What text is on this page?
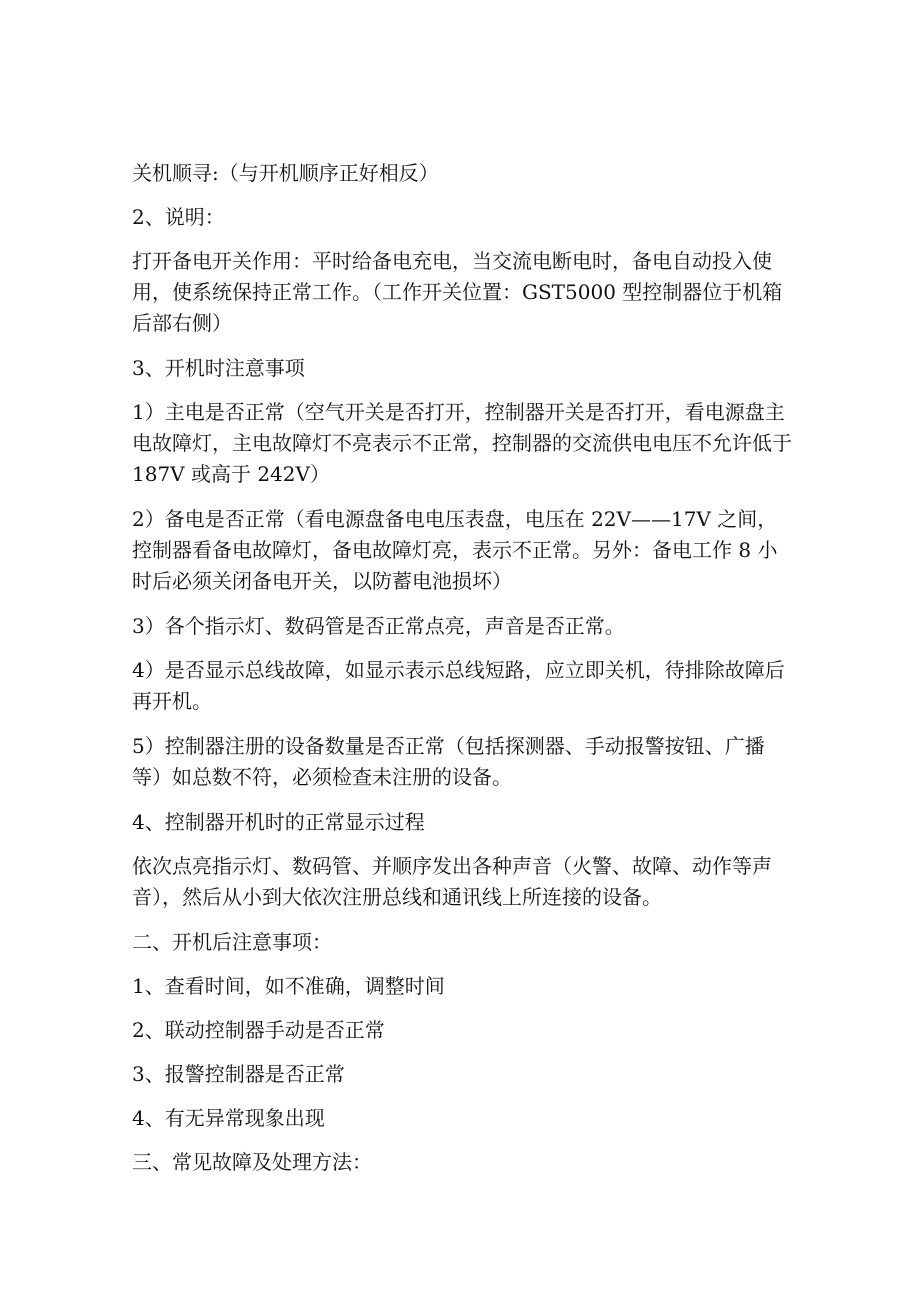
关机顺寻:（与开机顺序正好相反）

2、说明：

打开备电开关作用：平时给备电充电，当交流电断电时，备电自动投入使用，使系统保持正常工作。（工作开关位置：GST5000 型控制器位于机箱后部右侧）

3、开机时注意事项

1）主电是否正常（空气开关是否打开，控制器开关是否打开，看电源盘主电故障灯，主电故障灯不亮表示不正常，控制器的交流供电电压不允许低于 187V 或高于 242V）

2）备电是否正常（看电源盘备电电压表盘，电压在 22V——17V 之间，控制器看备电故障灯，备电故障灯亮，表示不正常。另外：备电工作 8 小时后必须关闭备电开关，以防蓄电池损坏）

3）各个指示灯、数码管是否正常点亮，声音是否正常。

4）是否显示总线故障，如显示表示总线短路，应立即关机，待排除故障后再开机。

5）控制器注册的设备数量是否正常（包括探测器、手动报警按钮、广播等）如总数不符，必须检查未注册的设备。

4、控制器开机时的正常显示过程

依次点亮指示灯、数码管、并顺序发出各种声音（火警、故障、动作等声音），然后从小到大依次注册总线和通讯线上所连接的设备。

二、开机后注意事项：

1、查看时间，如不准确，调整时间

2、联动控制器手动是否正常

3、报警控制器是否正常

4、有无异常现象出现

三、常见故障及处理方法：
